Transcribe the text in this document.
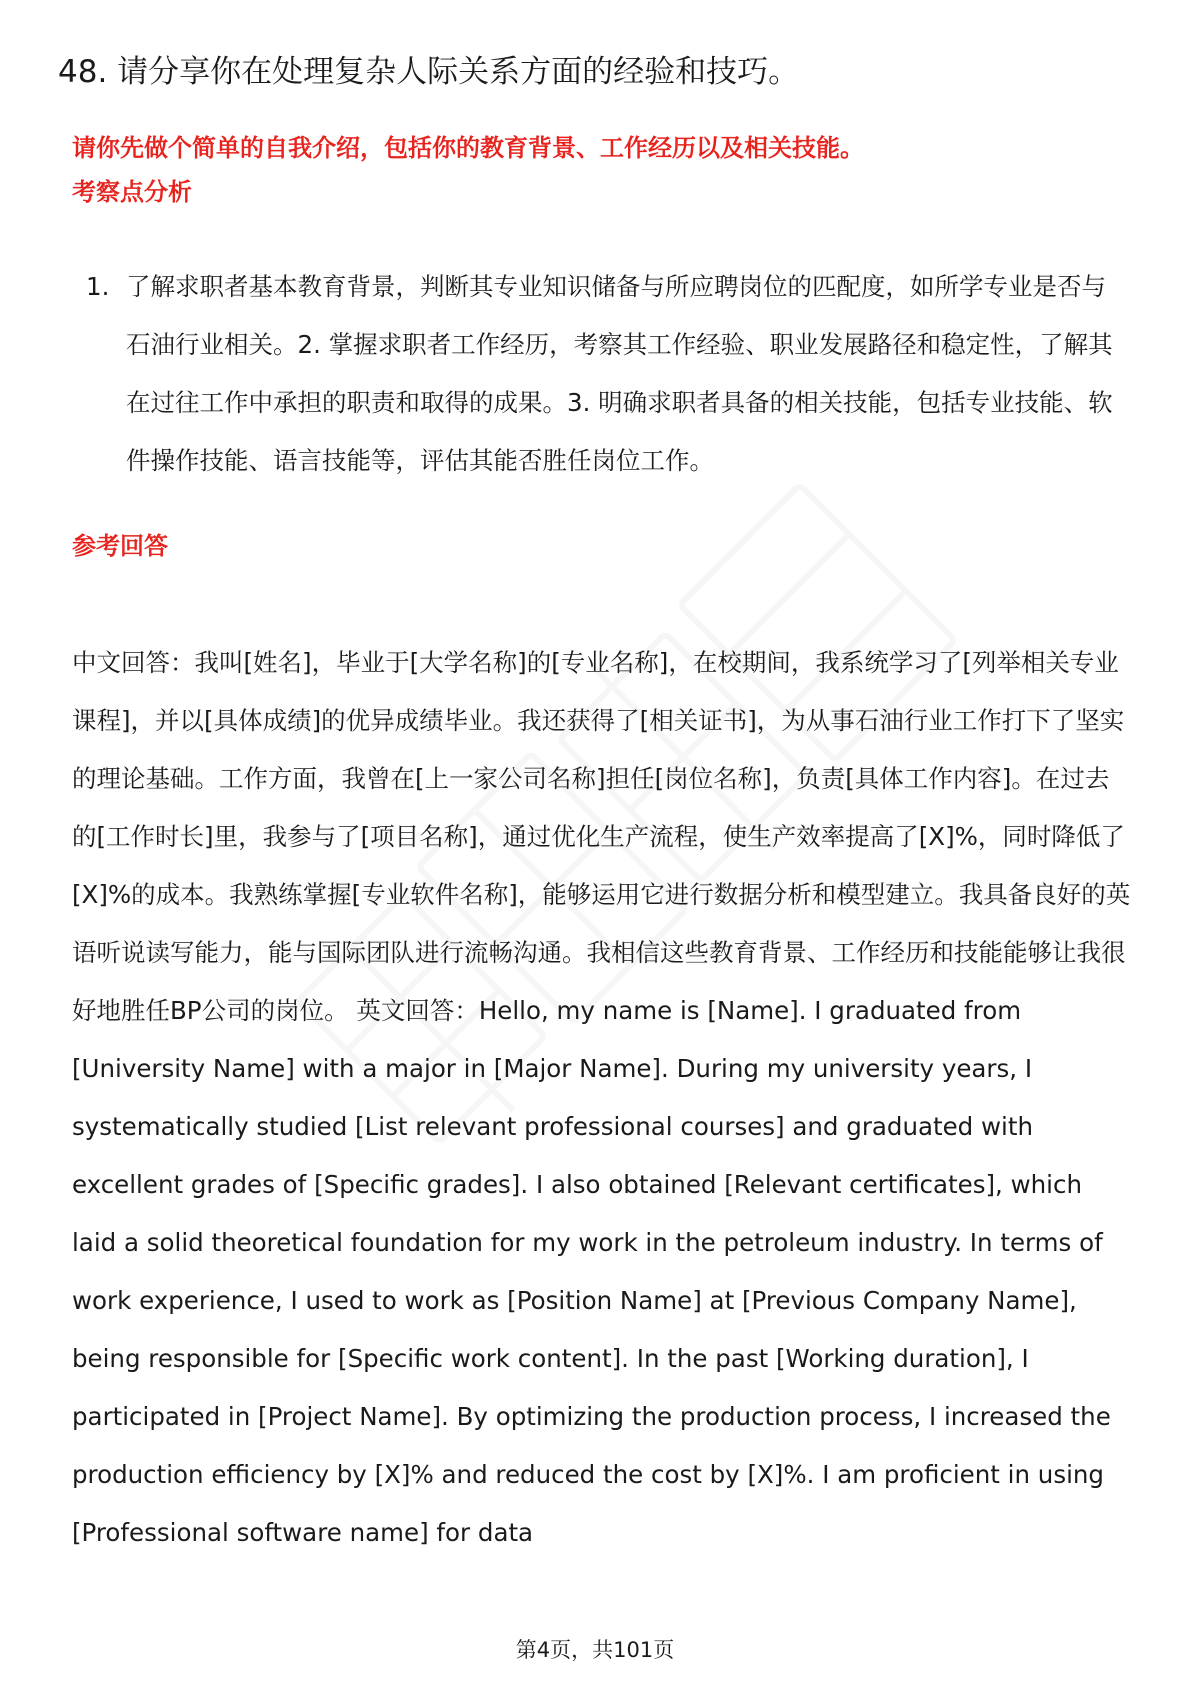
48. 请分享你在处理复杂人际关系方面的经验和技巧。

请你先做个简单的自我介绍，包括你的教育背景、工作经历以及相关技能。

考察点分析
1. 了解求职者基本教育背景，判断其专业知识储备与所应聘岗位的匹配度，如所学专业是否与石油行业相关。2. 掌握求职者工作经历，考察其工作经验、职业发展路径和稳定性，了解其在过往工作中承担的职责和取得的成果。3. 明确求职者具备的相关技能，包括专业技能、软件操作技能、语言技能等，评估其能否胜任岗位工作。
参考回答

中文回答：我叫[姓名]，毕业于[大学名称]的[专业名称]，在校期间，我系统学习了[列举相关专业课程]，并以[具体成绩]的优异成绩毕业。我还获得了[相关证书]，为从事石油行业工作打下了坚实的理论基础。工作方面，我曾在[上一家公司名称]担任[岗位名称]，负责[具体工作内容]。在过去的[工作时长]里，我参与了[项目名称]，通过优化生产流程，使生产效率提高了[X]%，同时降低了[X]%的成本。我熟练掌握[专业软件名称]，能够运用它进行数据分析和模型建立。我具备良好的英语听说读写能力，能与国际团队进行流畅沟通。我相信这些教育背景、工作经历和技能能够让我很好地胜任BP公司的岗位。 英文回答：Hello, my name is [Name]. I graduated from [University Name] with a major in [Major Name]. During my university years, I systematically studied [List relevant professional courses] and graduated with excellent grades of [Specific grades]. I also obtained [Relevant certificates], which laid a solid theoretical foundation for my work in the petroleum industry. In terms of work experience, I used to work as [Position Name] at [Previous Company Name], being responsible for [Specific work content]. In the past [Working duration], I participated in [Project Name]. By optimizing the production process, I increased the production efficiency by [X]% and reduced the cost by [X]%. I am proficient in using [Professional software name] for data

第4页，共101页
